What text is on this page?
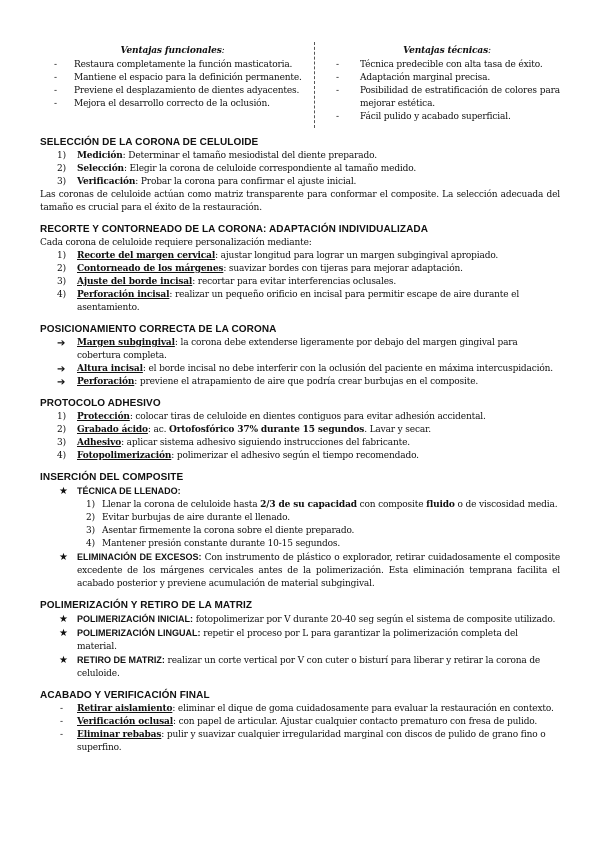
Ventajas funcionales:
- Restaura completamente la función masticatoria.
- Mantiene el espacio para la definición permanente.
- Previene el desplazamiento de dientes adyacentes.
- Mejora el desarrollo correcto de la oclusión.
Ventajas técnicas:
- Técnica predecible con alta tasa de éxito.
- Adaptación marginal precisa.
- Posibilidad de estratificación de colores para mejorar estética.
- Fácil pulido y acabado superficial.
SELECCIÓN DE LA CORONA DE CELULOIDE
1) Medición: Determinar el tamaño mesiodistal del diente preparado.
2) Selección: Elegir la corona de celuloide correspondiente al tamaño medido.
3) Verificación: Probar la corona para confirmar el ajuste inicial.
Las coronas de celuloide actúan como matriz transparente para conformar el composite. La selección adecuada del tamaño es crucial para el éxito de la restauración.
RECORTE Y CONTORNEADO DE LA CORONA: ADAPTACIÓN INDIVIDUALIZADA
Cada corona de celuloide requiere personalización mediante:
1) Recorte del margen cervical: ajustar longitud para lograr un margen subgingival apropiado.
2) Contorneado de los márgenes: suavizar bordes con tijeras para mejorar adaptación.
3) Ajuste del borde incisal: recortar para evitar interferencias oclusales.
4) Perforación incisal: realizar un pequeño orificio en incisal para permitir escape de aire durante el asentamiento.
POSICIONAMIENTO CORRECTA DE LA CORONA
➔ Margen subgingival: la corona debe extenderse ligeramente por debajo del margen gingival para cobertura completa.
➔ Altura incisal: el borde incisal no debe interferir con la oclusión del paciente en máxima intercuspidación.
➔ Perforación: previene el atrapamiento de aire que podría crear burbujas en el composite.
PROTOCOLO ADHESIVO
1) Protección: colocar tiras de celuloide en dientes contiguos para evitar adhesión accidental.
2) Grabado ácido: ac. Ortofosfórico 37% durante 15 segundos. Lavar y secar.
3) Adhesivo: aplicar sistema adhesivo siguiendo instrucciones del fabricante.
4) Fotopolimerización: polimerizar el adhesivo según el tiempo recomendado.
INSERCIÓN DEL COMPOSITE
★ TÉCNICA DE LLENADO:
1) Llenar la corona de celuloide hasta 2/3 de su capacidad con composite fluido o de viscosidad media.
2) Evitar burbujas de aire durante el llenado.
3) Asentar firmemente la corona sobre el diente preparado.
4) Mantener presión constante durante 10-15 segundos.
★ ELIMINACIÓN DE EXCESOS: Con instrumento de plástico o explorador, retirar cuidadosamente el composite excedente de los márgenes cervicales antes de la polimerización. Esta eliminación temprana facilita el acabado posterior y previene acumulación de material subgingival.
POLIMERIZACIÓN Y RETIRO DE LA MATRIZ
★ POLIMERIZACIÓN INICIAL: fotopolimerizar por V durante 20-40 seg según el sistema de composite utilizado.
★ POLIMERIZACIÓN LINGUAL: repetir el proceso por L para garantizar la polimerización completa del material.
★ RETIRO DE MATRIZ: realizar un corte vertical por V con cuter o bisturí para liberar y retirar la corona de celuloide.
ACABADO Y VERIFICACIÓN FINAL
- Retirar aislamiento: eliminar el dique de goma cuidadosamente para evaluar la restauración en contexto.
- Verificación oclusal: con papel de articular. Ajustar cualquier contacto prematuro con fresa de pulido.
- Eliminar rebabas: pulir y suavizar cualquier irregularidad marginal con discos de pulido de grano fino o superfino.
